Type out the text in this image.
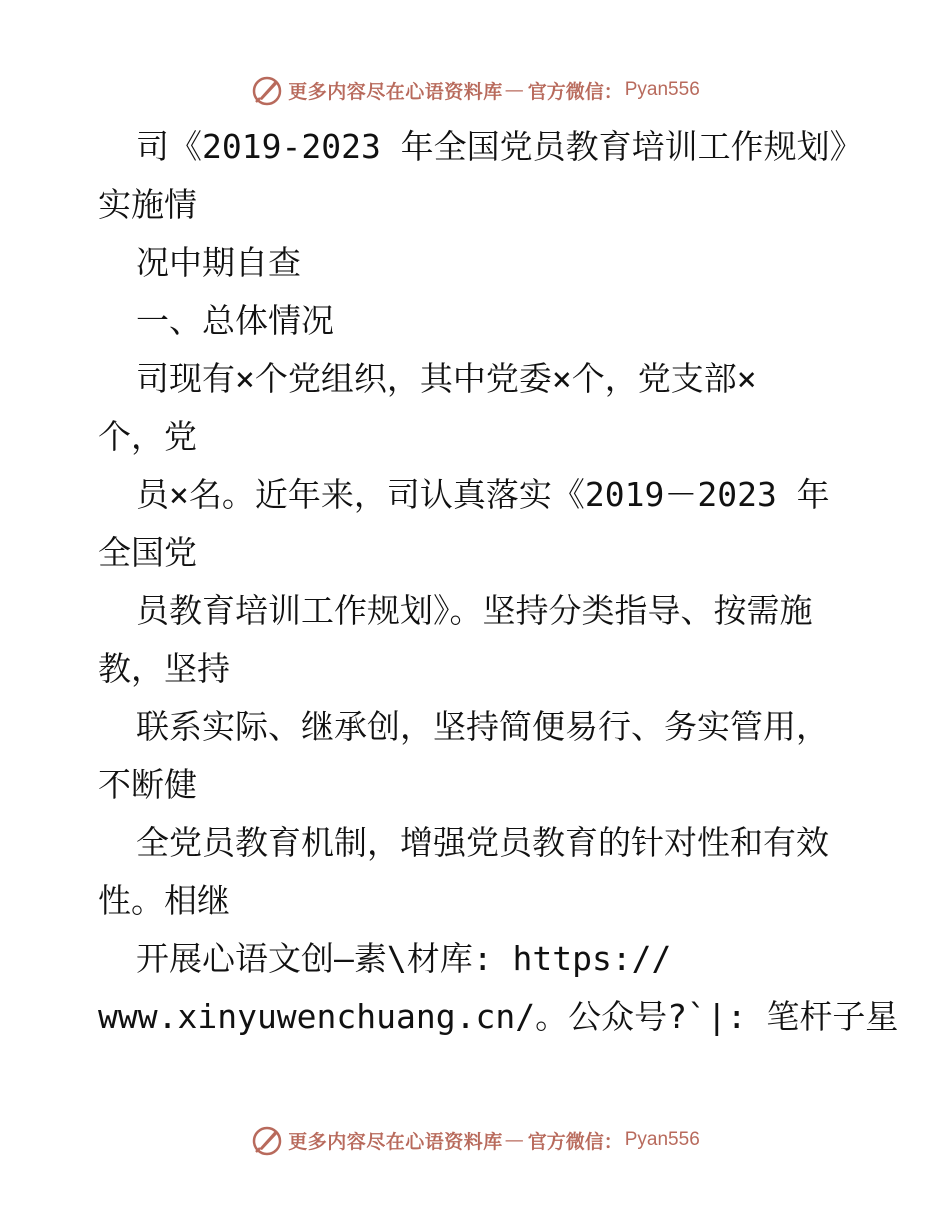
更多内容尽在心语资料库 — 官方微信： Pyan556
司《2019-2023 年全国党员教育培训工作规划》
实施情
况中期自查
一、总体情况
司现有×个党组织，其中党委×个，党支部×
个，党
员×名。近年来，司认真落实《2019－2023 年
全国党
员教育培训工作规划》。坚持分类指导、按需施
教，坚持
联系实际、继承创，坚持简便易行、务实管用，
不断健
全党员教育机制，增强党员教育的针对性和有效
性。相继
开展心语文创—素\材库: https://
www.xinyuwenchuang.cn/。公众号?`|: 笔杆子星
更多内容尽在心语资料库 — 官方微信： Pyan556
